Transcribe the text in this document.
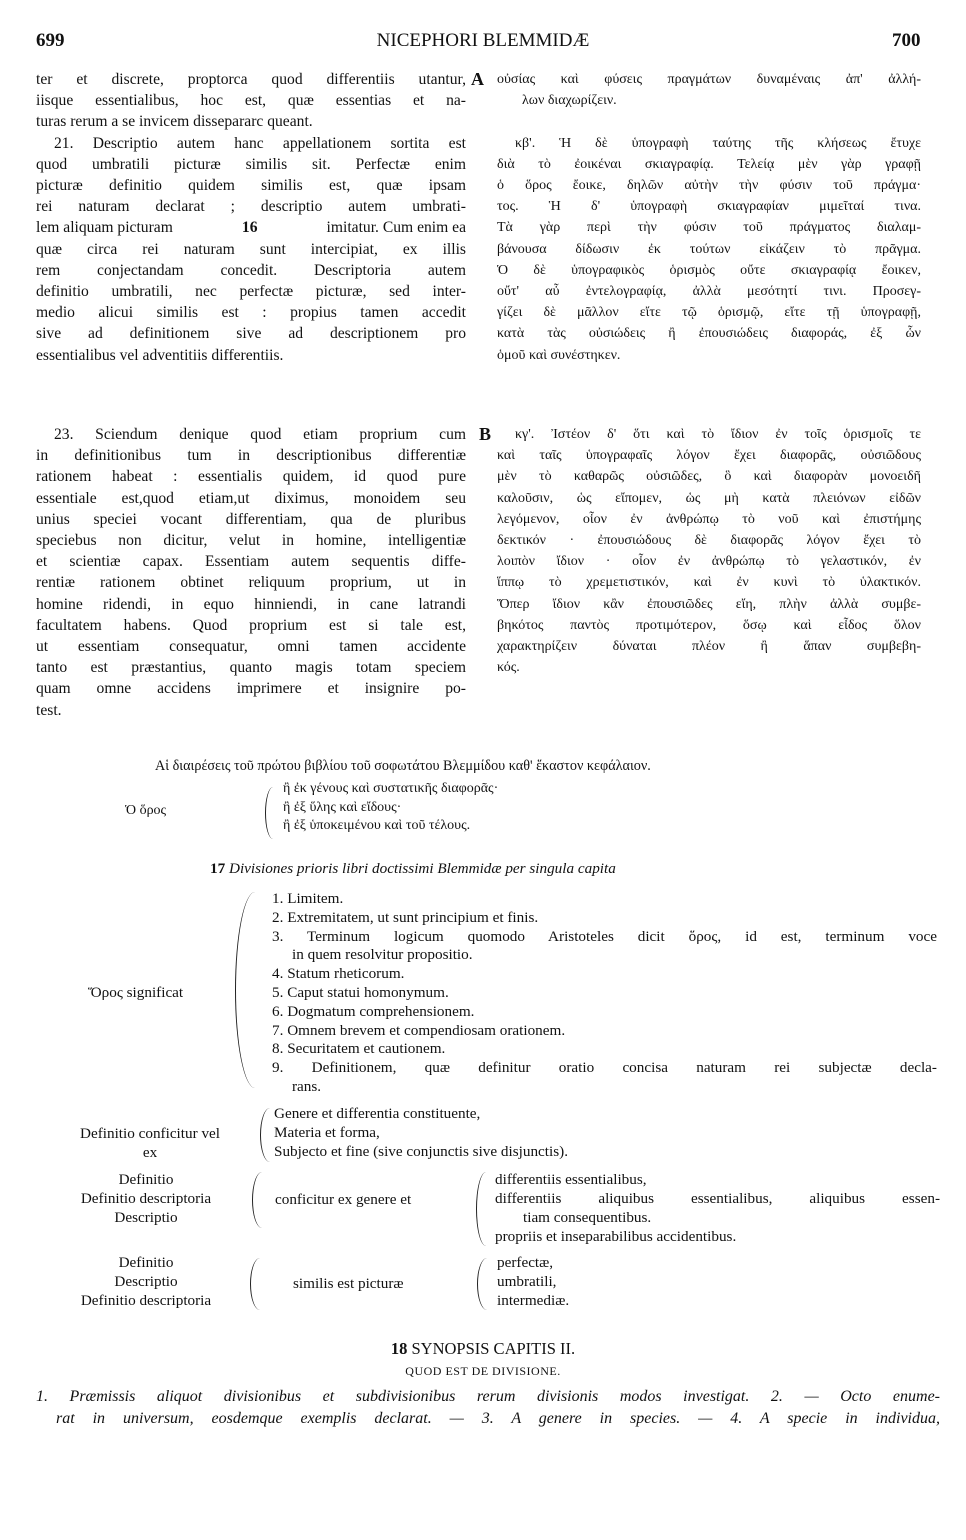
699	NICEPHORI BLEMMIDÆ	700
A
B
ter et discrete, proptorca quod differentiis utantur,
iisque essentialibus, hoc est, quæ essentias et na-
turas rerum a se invicem dissepararc queant.
21. Descriptio autem hanc appellationem sortita est
quod umbratili picturæ similis sit. Perfectæ enim
picturæ definitio quidem similis est, quæ ipsam
rei naturam declarat ; descriptio autem umbrati-
lem aliquam picturam	16	imitatur. Cum enim ea
quæ circa rei naturam sunt intercipiat, ex illis
rem conjectandam concedit. Descriptoria autem
definitio umbratili, nec perfectæ picturæ, sed inter-
medio alicui similis est : propius tamen accedit
sive ad definitionem sive ad descriptionem pro
essentialibus vel adventitiis differentiis.
οὐσίας καὶ φύσεις πραγμάτων δυναμέναις ἀπ' ἀλλή-
λων διαχωρίζειν.

κβ'. Ἡ δὲ ὑπογραφὴ ταύτης τῆς κλήσεως ἔτυχε
διὰ τὸ ἐοικέναι σκιαγραφίᾳ. Τελείᾳ μὲν γὰρ γραφῇ
ὁ ὅρος ἔοικε, δηλῶν αὐτὴν τὴν φύσιν τοῦ πράγμα·
τος. Ἡ δ' ὑπογραφὴ σκιαγραφίαν μιμεῖταί τινα.
Τὰ γὰρ περὶ τὴν φύσιν τοῦ πράγματος διαλαμ-
βάνουσα δίδωσιν ἐκ τούτων εἰκάζειν τὸ πρᾶγμα.
Ὁ δὲ ὑπογραφικὸς ὁρισμὸς οὔτε σκιαγραφίᾳ ἔοικεν,
οὔτ' αὖ ἐντελογραφίᾳ, ἀλλὰ μεσότητί τινι. Προσεγ-
γίζει δὲ μᾶλλον εἴτε τῷ ὁρισμῷ, εἴτε τῇ ὑπογραφῇ,
κατὰ τὰς οὐσιώδεις ἢ ἐπουσιώδεις διαφοράς, ἐξ ὧν
ὁμοῦ καὶ συνέστηκεν.
23. Sciendum denique quod etiam proprium cum
in definitionibus tum in descriptionibus differentiæ
rationem habeat : essentialis quidem, id quod pure
essentiale est,quod etiam,ut diximus, monoidem seu
unius speciei vocant differentiam, qua de pluribus
speciebus non dicitur, velut in homine, intelligentiæ
et scientiæ capax. Essentiam autem sequentis diffe-
rentiæ rationem obtinet reliquum proprium, ut in
homine ridendi, in equo hinniendi, in cane latrandi
facultatem habens. Quod proprium est si tale est,
ut essentiam consequatur, omni tamen accidente
tanto est præstantius, quanto magis totam speciem
quam omne accidens imprimere et insignire po-
test.
κγ'. Ἰστέον δ' ὅτι καὶ τὸ ἴδιον ἐν τοῖς ὁρισμοῖς τε
καὶ ταῖς ὑπογραφαῖς λόγον ἔχει διαφορᾶς, οὐσιῶδους
μὲν τὸ καθαρῶς οὐσιῶδες, ὃ καὶ διαφορὰν μονοειδῆ
καλοῦσιν, ὡς εἴπομεν, ὡς μὴ κατὰ πλειόνων εἰδῶν
λεγόμενον, οἷον ἐν ἀνθρώπῳ τὸ νοῦ καὶ ἐπιστήμης
δεκτικόν · ἐπουσιώδους δὲ διαφορᾶς λόγον ἔχει τὸ
λοιπὸν ἴδιον · οἷον ἐν ἀνθρώπῳ τὸ γελαστικόν, ἐν
ἵππῳ τὸ χρεμετιστικόν, καὶ ἐν κυνὶ τὸ ὑλακτικόν.
Ὅπερ ἴδιον κἂν ἐπουσιῶδες εἴη, πλὴν ἀλλὰ συμβε-
βηκότος παντὸς προτιμότερον, ὅσῳ καὶ εἶδος ὅλον
χαρακτηρίζειν δύναται πλέον ἢ ἅπαν συμβεβη-
κός.
Αἱ διαιρέσεις τοῦ πρώτου βιβλίου τοῦ σοφωτάτου Βλεμμίδου καθ' ἕκαστον κεφάλαιον.
Ὁ ὅρος
ἢ ἐκ γένους καὶ συστατικῆς διαφορᾶς·
ἢ ἐξ ὕλης καὶ εἴδους·
ἢ ἐξ ὑποκειμένου καὶ τοῦ τέλους.
17 Divisiones prioris libri doctissimi Blemmidæ per singula capita
Ὅρος significat
1. Limitem.
2. Extremitatem, ut sunt principium et finis.
3. Terminum logicum quomodo Aristoteles dicit ὅρος, id est, terminum voce
in quem resolvitur propositio.
4. Statum rheticorum.
5. Caput statui homonymum.
6. Dogmatum comprehensionem.
7. Omnem brevem et compendiosam orationem.
8. Securitatem et cautionem.
9. Definitionem, quæ definitur oratio concisa naturam rei subjectæ decla-
rans.
Definitio conficitur vel
ex
Genere et differentia constituente,
Materia et forma,
Subjecto et fine (sive conjunctis sive disjunctis).
Definitio
Definitio descriptoria
Descriptio
conficitur ex genere et
differentiis essentialibus,
differentiis aliquibus essentialibus, aliquibus essen-
tiam consequentibus.
propriis et inseparabilibus accidentibus.
Definitio
Descriptio
Definitio descriptoria
similis est picturæ
perfectæ,
umbratili,
intermediæ.
18 SYNOPSIS CAPITIS II.
QUOD EST DE DIVISIONE.
1. Præmissis aliquot divisionibus et subdivisionibus rerum divisionis modos investigat. 2. — Octo enume-
rat in universum, eosdemque exemplis declarat. — 3. A genere in species. — 4. A specie in individua,
